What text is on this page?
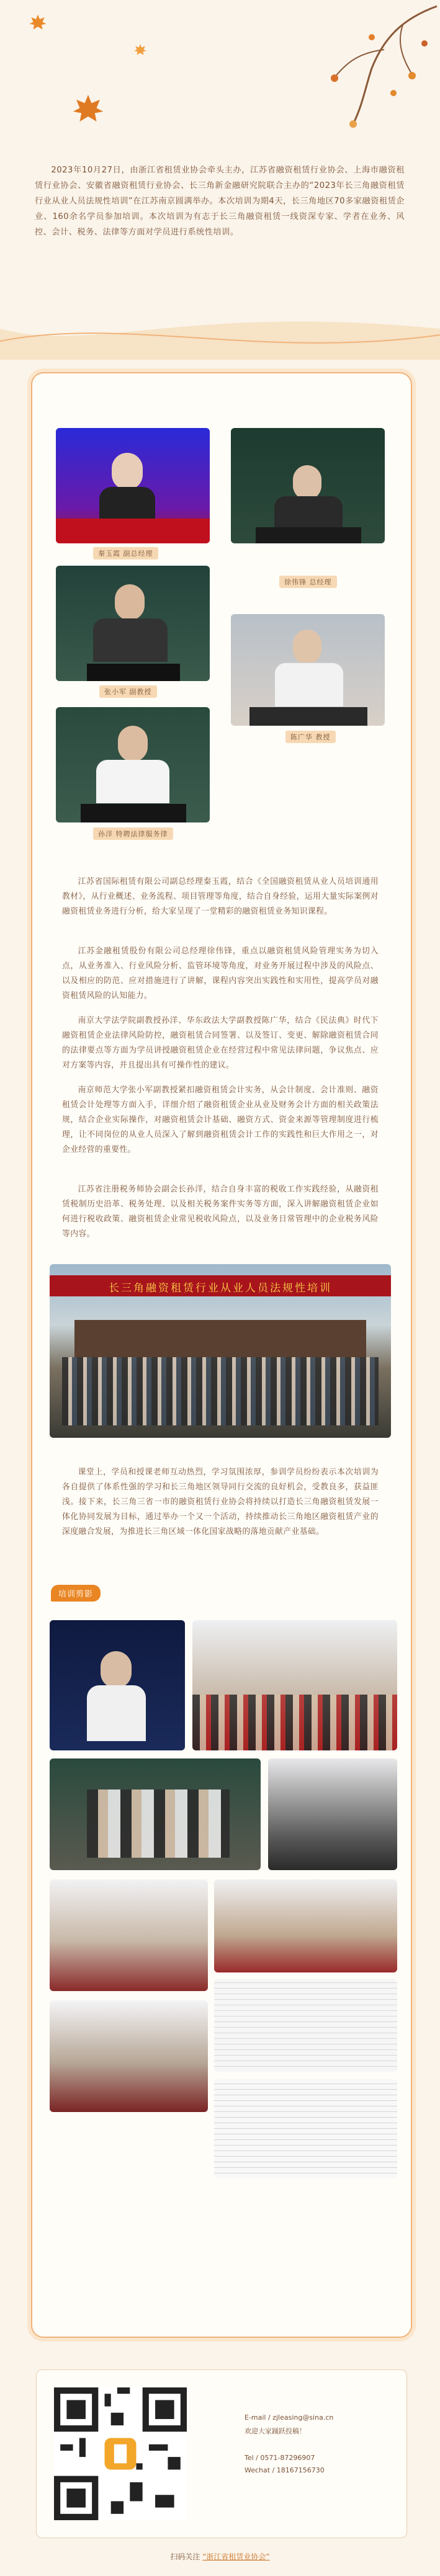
2023年10月27日，由浙江省租赁业协会牵头主办，江苏省融资租赁行业协会、上海市融资租赁行业协会、安徽省融资租赁行业协会、长三角新金融研究院联合主办的“2023年长三角融资租赁行业从业人员法规性培训”在江苏南京圆满举办。本次培训为期4天，长三角地区70多家融资租赁企业、160余名学员参加培训。本次培训为有志于长三角融资租赁一线资深专家、学者在业务、风控、会计、税务、法律等方面对学员进行系统性培训。
秦玉霞 副总经理
徐伟锋 总经理
张小军 副教授
陈广华 教授
孙洋 特聘法律服务律
江苏省国际租赁有限公司副总经理秦玉霞，结合《全国融资租赁从业人员培训通用教材》，从行业概述、业务流程、项目管理等角度，结合自身经验，运用大量实际案例对融资租赁业务进行分析，给大家呈现了一堂精彩的融资租赁业务知识课程。
江苏金融租赁股份有限公司总经理徐伟锋，重点以融资租赁风险管理实务为切入点，从业务准入、行业风险分析、监管环境等角度，对业务开展过程中涉及的风险点、以及相应的防范、应对措施进行了讲解，课程内容突出实践性和实用性，提高学员对融资租赁风险的认知能力。
南京大学法学院副教授孙洋、华东政法大学副教授陈广华，结合《民法典》时代下融资租赁企业法律风险防控，融资租赁合同签署、以及签订、变更、解除融资租赁合同的法律要点等方面为学员讲授融资租赁企业在经营过程中常见法律问题，争议焦点、应对方案等内容，并且提出具有可操作性的建议。
南京师范大学张小军副教授紧扣融资租赁会计实务，从会计制度、会计准则、融资租赁会计处理等方面入手，详细介绍了融资租赁企业从业及财务会计方面的相关政策法规，结合企业实际操作，对融资租赁会计基础、融资方式、资金来源等管理制度进行梳理，让不同岗位的从业人员深入了解到融资租赁会计工作的实践性和巨大作用之一，对企业经营的重要性。
江苏省注册税务师协会副会长孙洋，结合自身丰富的税收工作实践经验，从融资租赁税制历史沿革、税务处理、以及相关税务案件实务等方面，深入讲解融资租赁企业如何进行税收政策、融资租赁企业常见税收风险点，以及业务日常管理中的企业税务风险等内容。
长三角融资租赁行业从业人员法规性培训
课堂上，学员和授课老师互动热烈，学习氛围浓厚，参训学员纷纷表示本次培训为各自提供了体系性强的学习和长三角地区领导同行交流的良好机会，受教良多，获益匪浅。接下来，长三角三省一市的融资租赁行业协会将持续以打造长三角融资租赁发展一体化协同发展为目标，通过举办一个又一个活动，持续推动长三角地区融资租赁产业的深度融合发展，为推进长三角区域一体化国家战略的落地贡献产业基础。
培训剪影
E-mail / zjleasing@sina.cn
欢迎大家踊跃投稿！
Tel / 0571-87296907
Wechat / 18167156730
扫码关注 “浙江省租赁业协会”
